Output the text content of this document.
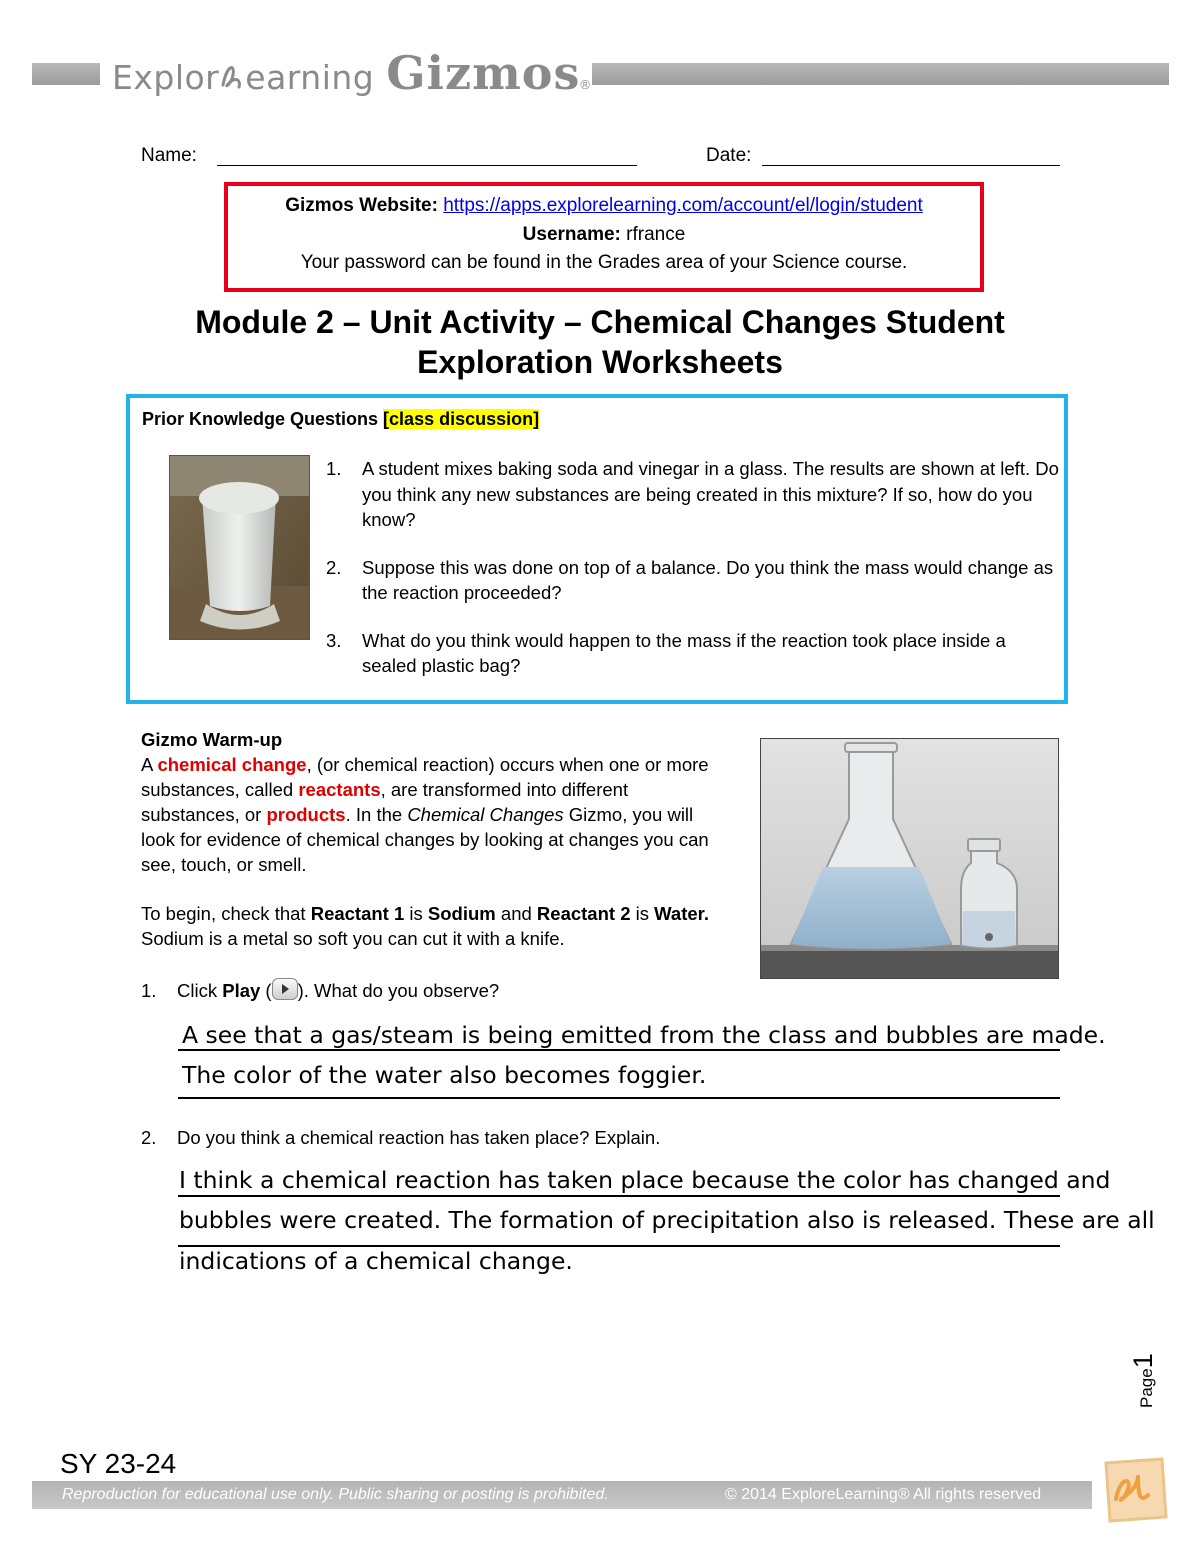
Explor earning Gizmos ®
Name:	Date:
Gizmos Website: https://apps.explorelearning.com/account/el/login/student
Username: rfrance
Your password can be found in the Grades area of your Science course.
Module 2 – Unit Activity – Chemical Changes Student
Exploration Worksheets
Prior Knowledge Questions [class discussion]
1.	A student mixes baking soda and vinegar in a glass. The results are shown at left. Do you think any new substances are being created in this mixture? If so, how do you know?
2.	Suppose this was done on top of a balance. Do you think the mass would change as the reaction proceeded?
3.	What do you think would happen to the mass if the reaction took place inside a sealed plastic bag?
Gizmo Warm-up
A chemical change, (or chemical reaction) occurs when one or more substances, called reactants, are transformed into different substances, or products. In the Chemical Changes Gizmo, you will look for evidence of chemical changes by looking at changes you can see, touch, or smell.
To begin, check that Reactant 1 is Sodium and Reactant 2 is Water. Sodium is a metal so soft you can cut it with a knife.
1. Click Play ( ). What do you observe?
A see that a gas/steam is being emitted from the class and bubbles are made.
The color of the water also becomes foggier.
2. Do you think a chemical reaction has taken place? Explain.
I think a chemical reaction has taken place because the color has changed and
bubbles were created. The formation of precipitation also is released. These are all
indications of a chemical change.
Page1
SY 23-24
Reproduction for educational use only. Public sharing or posting is prohibited.	© 2014 ExploreLearning® All rights reserved
